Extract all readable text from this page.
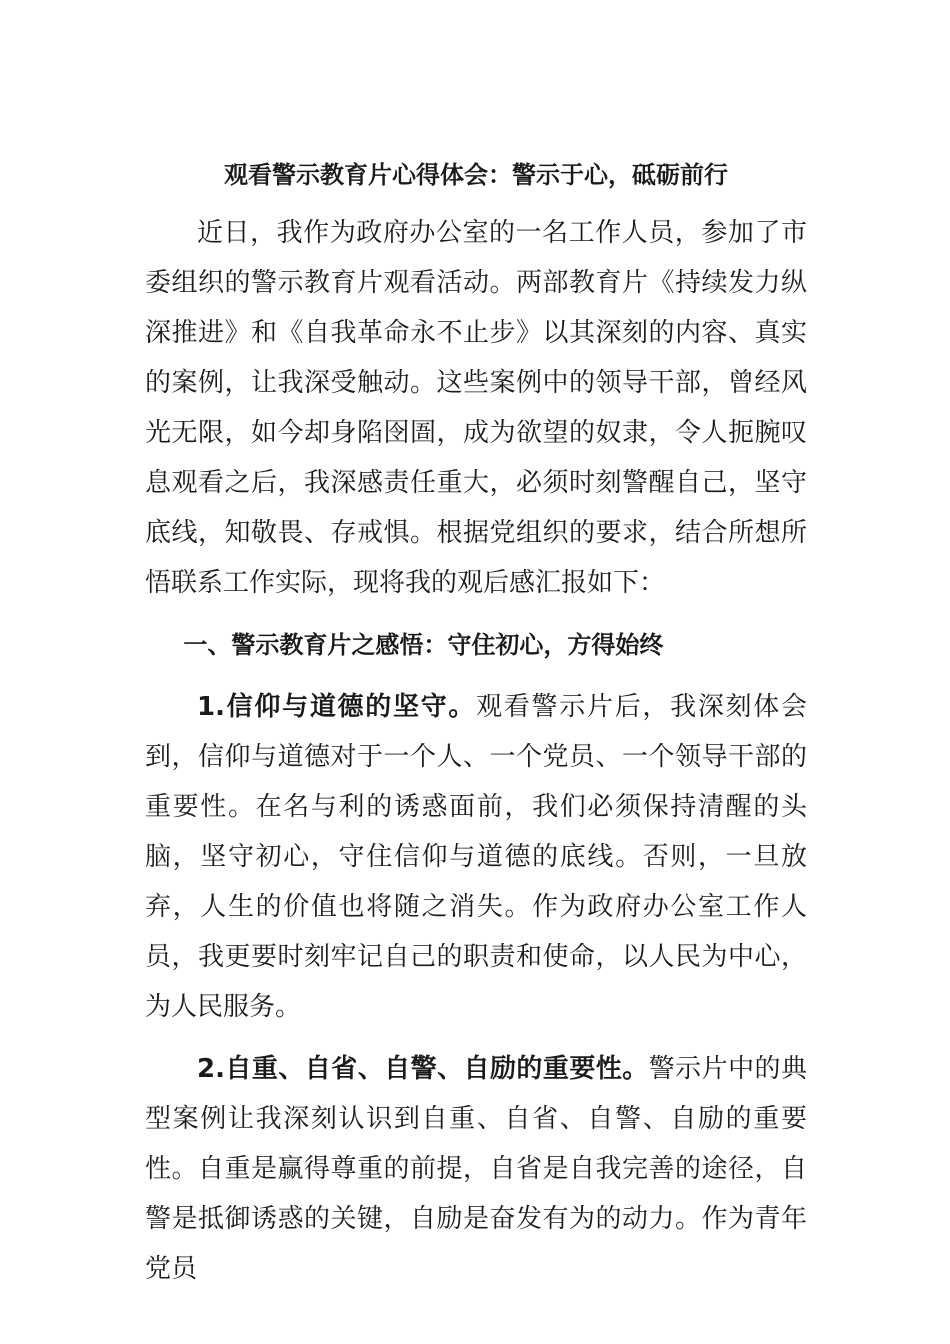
观看警示教育片心得体会：警示于心，砥砺前行

近日，我作为政府办公室的一名工作人员，参加了市委组织的警示教育片观看活动。两部教育片《持续发力纵深推进》和《自我革命永不止步》以其深刻的内容、真实的案例，让我深受触动。这些案例中的领导干部，曾经风光无限，如今却身陷囹圄，成为欲望的奴隶，令人扼腕叹息观看之后，我深感责任重大，必须时刻警醒自己，坚守底线，知敬畏、存戒惧。根据党组织的要求，结合所想所悟联系工作实际，现将我的观后感汇报如下：

一、警示教育片之感悟：守住初心，方得始终

1.信仰与道德的坚守。观看警示片后，我深刻体会到，信仰与道德对于一个人、一个党员、一个领导干部的重要性。在名与利的诱惑面前，我们必须保持清醒的头脑，坚守初心，守住信仰与道德的底线。否则，一旦放弃，人生的价值也将随之消失。作为政府办公室工作人员，我更要时刻牢记自己的职责和使命，以人民为中心，为人民服务。

2.自重、自省、自警、自励的重要性。警示片中的典型案例让我深刻认识到自重、自省、自警、自励的重要性。自重是赢得尊重的前提，自省是自我完善的途径，自警是抵御诱惑的关键，自励是奋发有为的动力。作为青年党员
